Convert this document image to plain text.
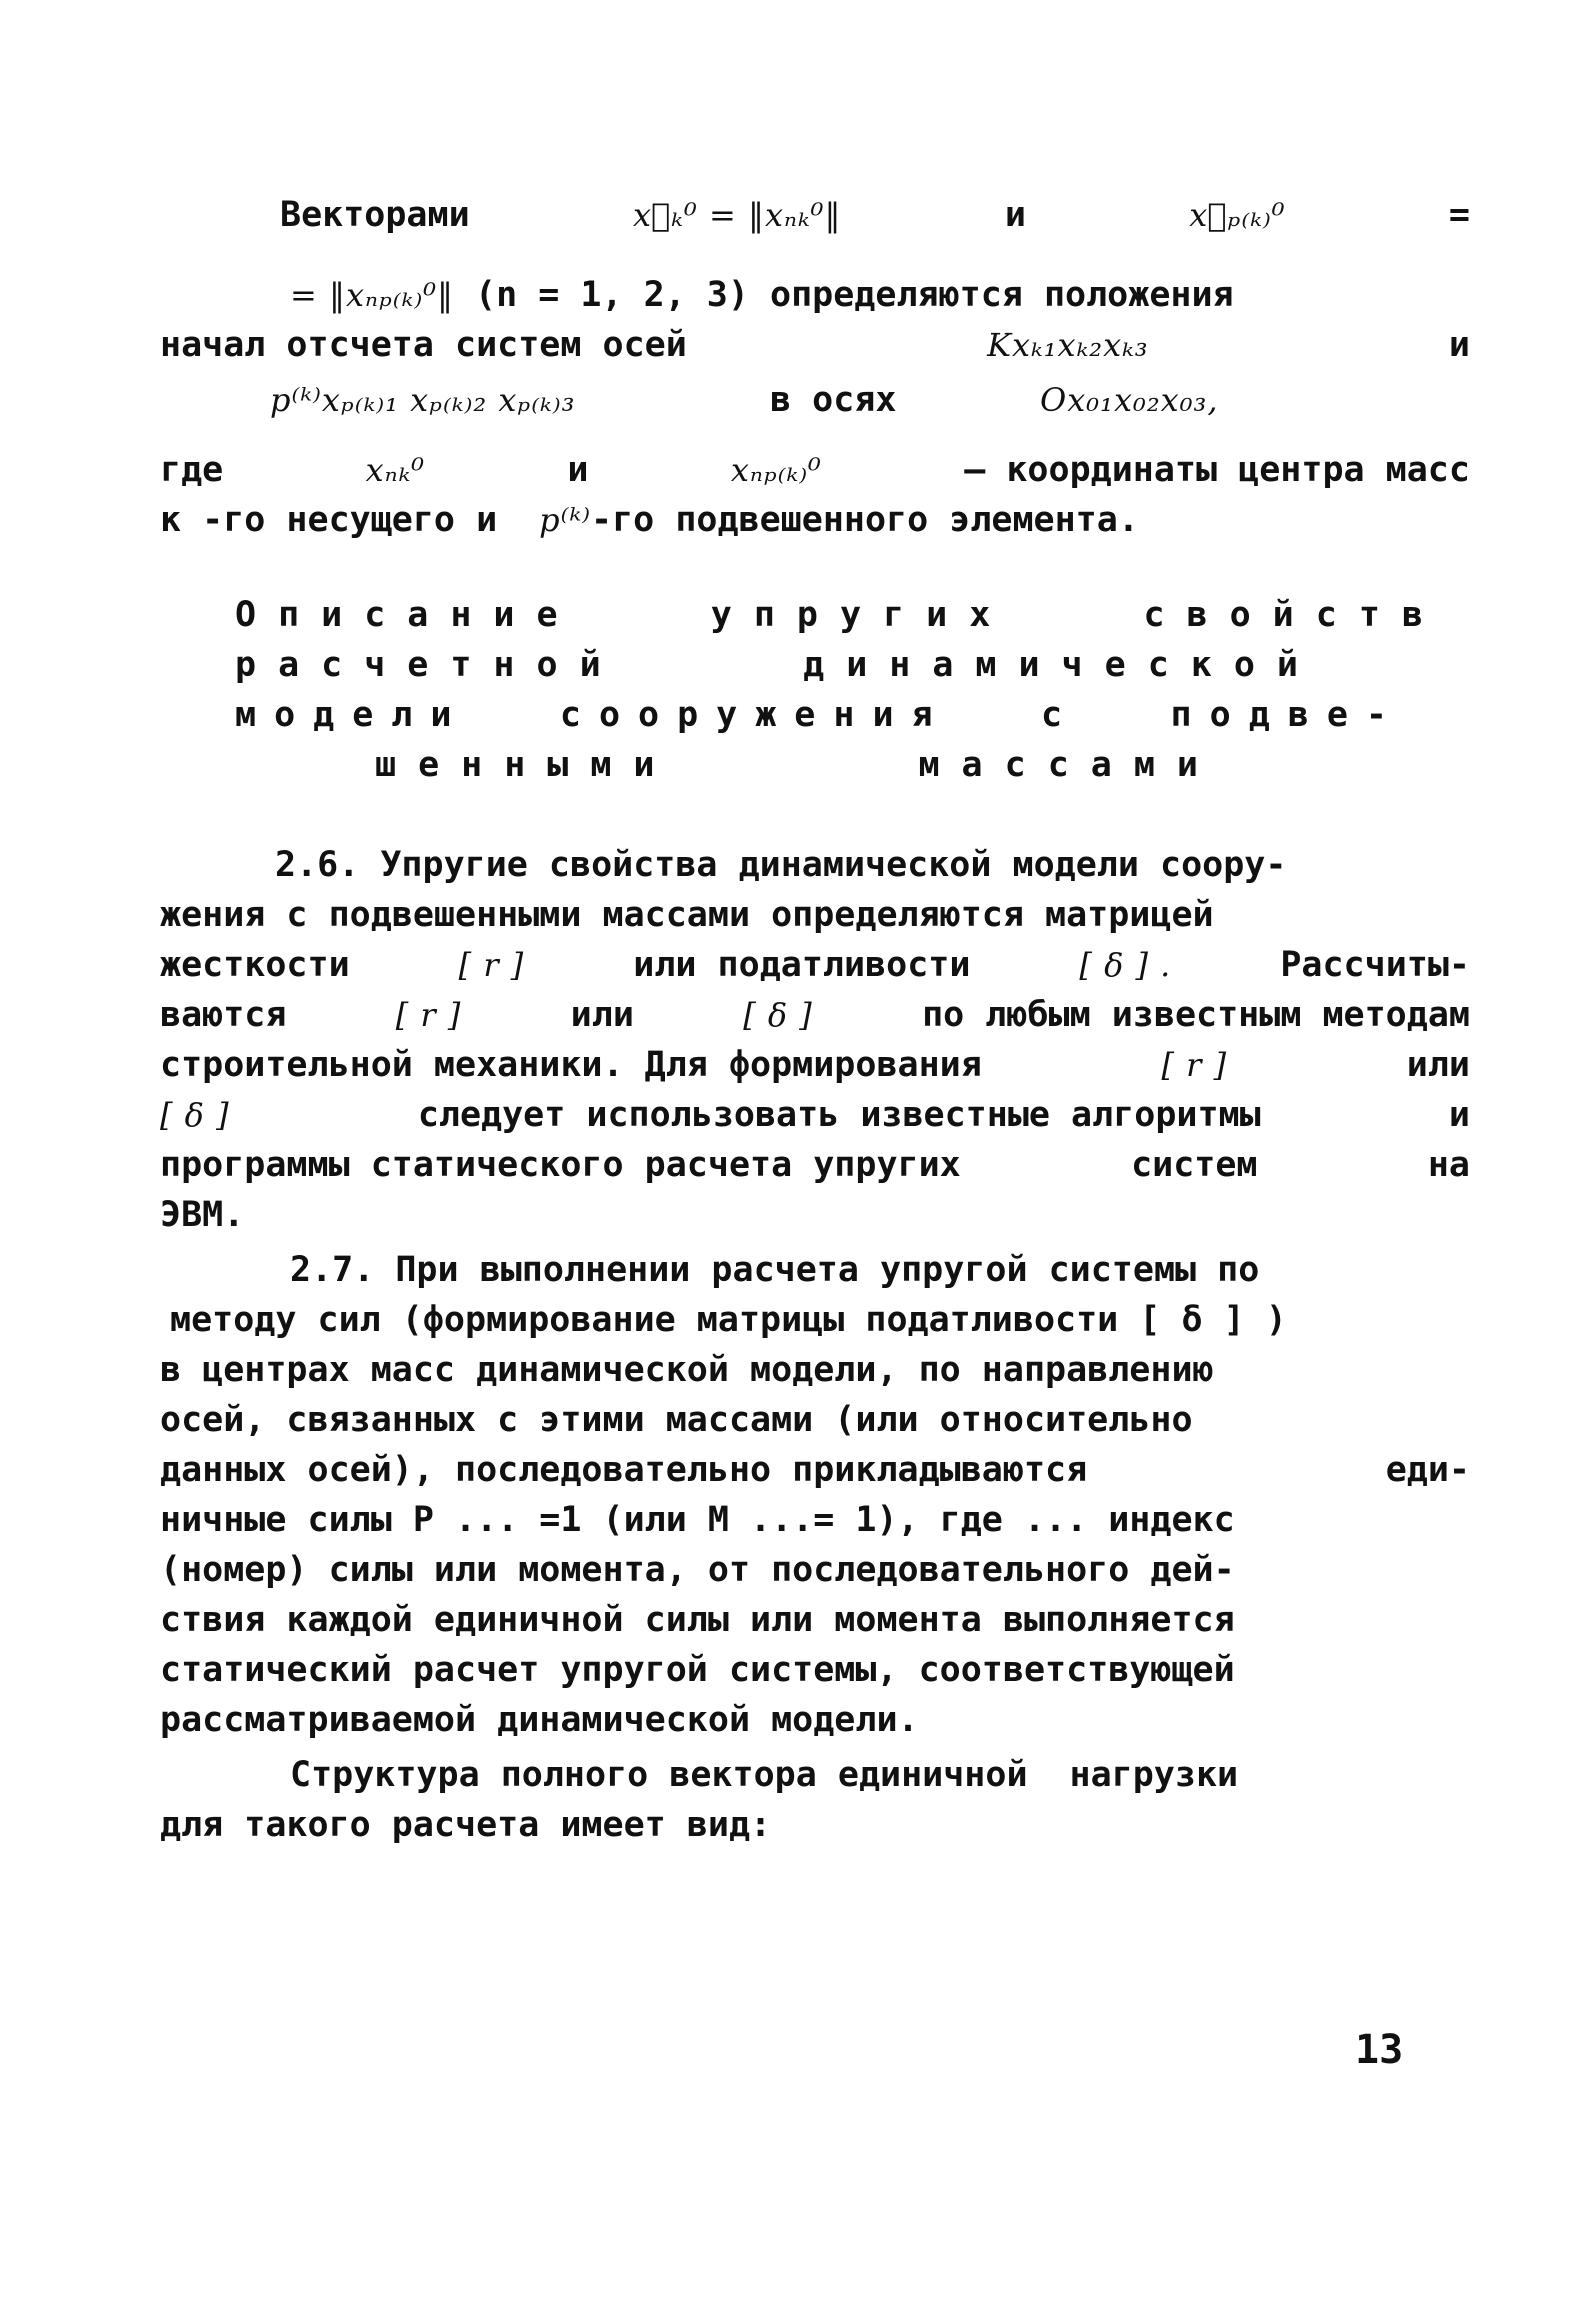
Векторами	x⃗ₖ⁰ = ‖xₙₖ⁰‖	и	x⃗ₚ₍ₖ₎⁰	=
= ‖xₙₚ₍ₖ₎⁰‖ (n = 1, 2, 3) определяются положения
начал отсчета систем осей	Kxₖ₁xₖ₂xₖ₃	и
p⁽ᵏ⁾xₚ₍ₖ₎₁ xₚ₍ₖ₎₂ xₚ₍ₖ₎₃	в осях	Ox₀₁x₀₂x₀₃,
где	xₙₖ⁰	и	xₙₚ₍ₖ₎⁰	– координаты центра масс
к -го несущего и p⁽ᵏ⁾-го подвешенного элемента.
Описание	упругих	свойств
расчетной	динамической
модели	сооружения	с	подве-
шенными	массами
2.6. Упругие свойства динамической модели соору-
жения с подвешенными массами определяются матрицей
жесткости	[ r ]	или податливости	[ δ ] .	Рассчиты-
ваются	[ r ]	или	[ δ ]	по любым известным методам
строительной механики. Для формирования	[ r ]	или
[ δ ]	следует использовать известные алгоритмы	и
программы статического расчета упругих	систем	на
ЭВМ.
2.7. При выполнении расчета упругой системы по
методу сил (формирование матрицы податливости [ δ ] )
в центрах масс динамической модели, по направлению
осей, связанных с этими массами (или относительно
данных осей), последовательно прикладываются	еди-
ничные силы P ... =1 (или M ...= 1), где ... индекс
(номер) силы или момента, от последовательного дей-
ствия каждой единичной силы или момента выполняется
статический расчет упругой системы, соответствующей
рассматриваемой динамической модели.
Структура полного вектора единичной нагрузки
для такого расчета имеет вид:
13
